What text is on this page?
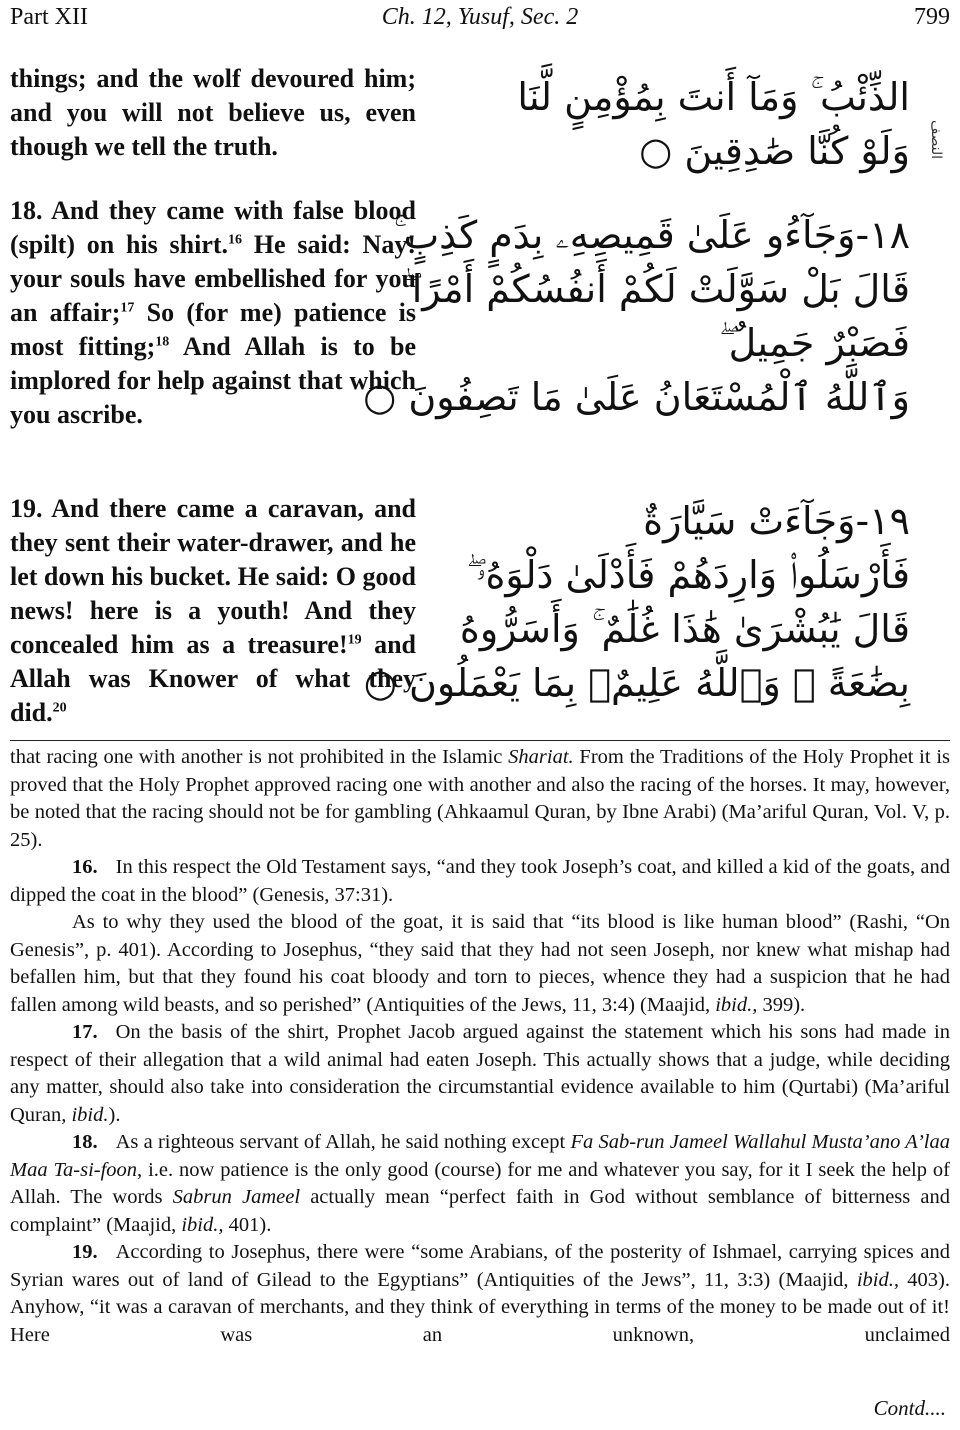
Part XII	Ch. 12, Yusuf, Sec. 2	799
things; and the wolf devoured him; and you will not believe us, even though we tell the truth.
الذِّئْبُ ۚ وَمَآ أَنتَ بِمُؤْمِنٍ لَّنَا
وَلَوْ كُنَّا صَٰدِقِينَ ○	النصف
18. And they came with false blood (spilt) on his shirt.$^{16}$ He said: Nay! your souls have embellished for you an affair;$^{17}$ So (for me) patience is most fitting;$^{18}$ And Allah is to be implored for help against that which you ascribe.
١٨-وَجَآءُو عَلَىٰ قَمِيصِهِۦ بِدَمٍ كَذِبٍ ۚ
قَالَ بَلْ سَوَّلَتْ لَكُمْ أَنفُسُكُمْ أَمْرًا ۖ
فَصَبْرٌ جَمِيلٌ ۖ
وَٱللَّهُ ٱلْمُسْتَعَانُ عَلَىٰ مَا تَصِفُونَ ○
19. And there came a caravan, and they sent their water-drawer, and he let down his bucket. He said: O good news! here is a youth! And they concealed him as a treasure!$^{19}$ and Allah was Knower of what they did.$^{20}$
١٩-وَجَآءَتْ سَيَّارَةٌ
فَأَرْسَلُوا۟ وَارِدَهُمْ فَأَدْلَىٰ دَلْوَهُۥ ۖ
قَالَ يَٰبُشْرَىٰ هَٰذَا غُلَٰمٌ ۚ وَأَسَرُّوهُ
بِضَٰعَةً ۚ وَٱللَّهُ عَلِيمٌۢ بِمَا يَعْمَلُونَ ○

that racing one with another is not prohibited in the Islamic Shariat. From the Traditions of the Holy Prophet it is proved that the Holy Prophet approved racing one with another and also the racing of the horses. It may, however, be noted that the racing should not be for gambling (Ahkaamul Quran, by Ibne Arabi) (Ma’ariful Quran, Vol. V, p. 25).

16. In this respect the Old Testament says, “and they took Joseph’s coat, and killed a kid of the goats, and dipped the coat in the blood” (Genesis, 37:31).

As to why they used the blood of the goat, it is said that “its blood is like human blood” (Rashi, “On Genesis”, p. 401). According to Josephus, “they said that they had not seen Joseph, nor knew what mishap had befallen him, but that they found his coat bloody and torn to pieces, whence they had a suspicion that he had fallen among wild beasts, and so perished” (Antiquities of the Jews, 11, 3:4) (Maajid, ibid., 399).

17. On the basis of the shirt, Prophet Jacob argued against the statement which his sons had made in respect of their allegation that a wild animal had eaten Joseph. This actually shows that a judge, while deciding any matter, should also take into consideration the circumstantial evidence available to him (Qurtabi) (Ma’ariful Quran, ibid.).

18. As a righteous servant of Allah, he said nothing except Fa Sab-run Jameel Wallahul Musta’ano A’laa Maa Ta-si-foon, i.e. now patience is the only good (course) for me and whatever you say, for it I seek the help of Allah. The words Sabrun Jameel actually mean “perfect faith in God without semblance of bitterness and complaint” (Maajid, ibid., 401).

19. According to Josephus, there were “some Arabians, of the posterity of Ishmael, carrying spices and Syrian wares out of land of Gilead to the Egyptians” (Antiquities of the Jews”, 11, 3:3) (Maajid, ibid., 403). Anyhow, “it was a caravan of merchants, and they think of everything in terms of the money to be made out of it! Here was an unknown, unclaimed

Contd....
